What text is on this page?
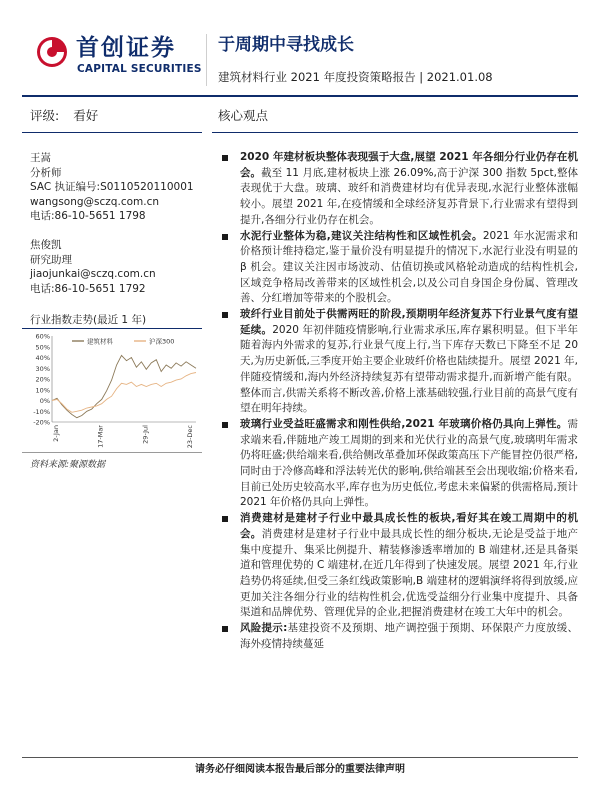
首创证券
CAPITAL SECURITIES
于周期中寻找成长
建筑材料行业 2021 年度投资策略报告 | 2021.01.08
评级: 看好	核心观点
王嵩
分析师
SAC 执证编号:S0110520110001
wangsong@sczq.com.cn
电话:86-10-5651 1798
焦俊凯
研究助理
jiaojunkai@sczq.com.cn
电话:86-10-5651 1792
行业指数走势(最近 1 年)
60%
50%
40%
30%
20%
10%
0%
-10%
-20%
2-Jan	17-Mar	29-Jul	23-Dec
建筑材料	沪深300
资料来源:聚源数据
2020 年建材板块整体表现强于大盘,展望 2021 年各细分行业仍存在机会。截至 11 月底,建材板块上涨 26.09%,高于沪深 300 指数 5pct,整体表现优于大盘。玻璃、玻纤和消费建材均有优异表现,水泥行业整体涨幅较小。展望 2021 年,在疫情缓和全球经济复苏背景下,行业需求有望得到提升,各细分行业仍存在机会。
水泥行业整体为稳,建议关注结构性和区域性机会。2021 年水泥需求和价格预计维持稳定,鉴于量价没有明显提升的情况下,水泥行业没有明显的 β 机会。建议关注因市场波动、估值切换或风格轮动造成的结构性机会,区域竞争格局改善带来的区域性机会,以及公司自身国企身份属、管理改善、分红增加等带来的个股机会。
玻纤行业目前处于供需两旺的阶段,预期明年经济复苏下行业景气度有望延续。2020 年初伴随疫情影响,行业需求承压,库存累积明显。但下半年随着海内外需求的复苏,行业景气度上行,当下库存天数已下降至不足 20 天,为历史新低,三季度开始主要企业玻纤价格也陆续提升。展望 2021 年,伴随疫情缓和,海内外经济持续复苏有望带动需求提升,而新增产能有限。整体而言,供需关系将不断改善,价格上涨基础较强,行业目前的高景气度有望在明年持续。
玻璃行业受益旺盛需求和刚性供给,2021 年玻璃价格仍具向上弹性。需求端来看,伴随地产竣工周期的到来和光伏行业的高景气度,玻璃明年需求仍将旺盛;供给端来看,供给侧改革叠加环保政策高压下产能冒控仍很严格,同时由于冷修高峰和浮法转光伏的影响,供给端甚至会出现收缩;价格来看,目前已处历史较高水平,库存也为历史低位,考虑未来偏紧的供需格局,预计 2021 年价格仍具向上弹性。
消费建材是建材子行业中最具成长性的板块,看好其在竣工周期中的机会。消费建材是建材子行业中最具成长性的细分板块,无论是受益于地产集中度提升、集采比例提升、精装修渗透率增加的 B 端建材,还是具备渠道和管理优势的 C 端建材,在近几年得到了快速发展。展望 2021 年,行业趋势仍将延续,但受三条红线政策影响,B 端建材的逻辑演绎将得到放缓,应更加关注各细分行业的结构性机会,优选受益细分行业集中度提升、具备渠道和品牌优势、管理优异的企业,把握消费建材在竣工大年中的机会。
风险提示:基建投资不及预期、地产调控强于预期、环保限产力度放缓、海外疫情持续蔓延
请务必仔细阅读本报告最后部分的重要法律声明
